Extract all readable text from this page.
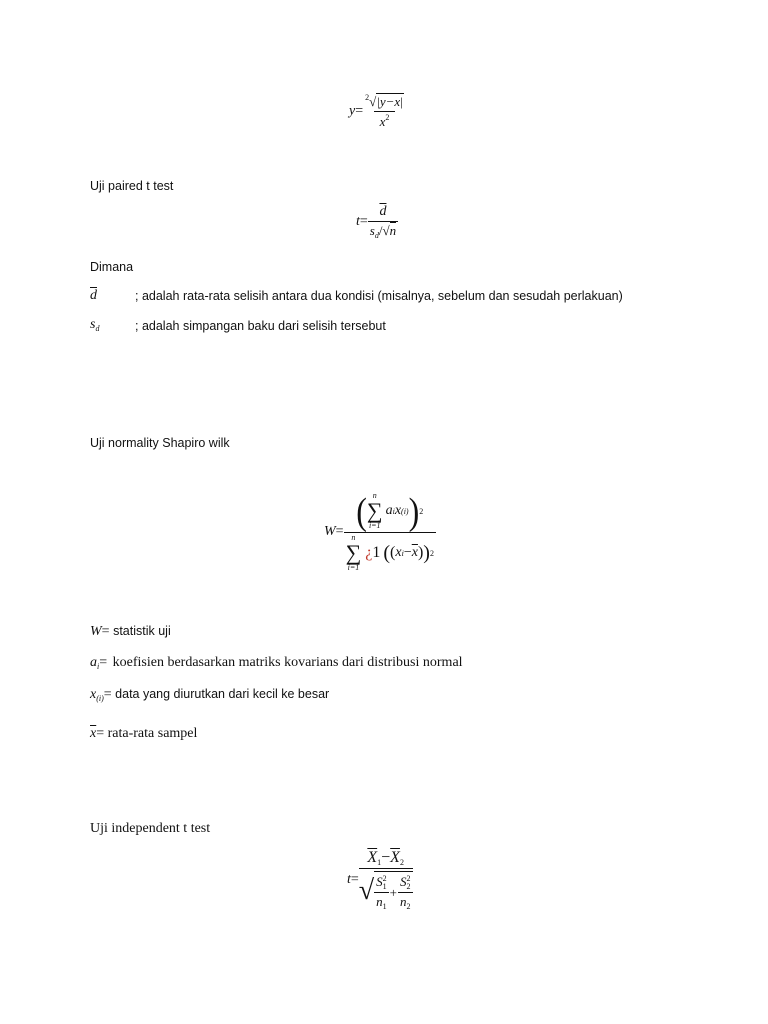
$y= \frac{^2√|y-x|}{x^2}$
Uji paired t test
$t= \frac{\overline{d}}{s_d/√n}$
Dimana
$\overline{d}$	; adalah rata-rata selisih antara dua kondisi (misalnya, sebelum dan sesudah perlakuan)
$s_d$	; adalah simpangan baku dari selisih tersebut
Uji normality Shapiro wilk
W= ( n
∑
i=1
a i x (i) ) 2
n
∑
i=1
¿ 1 ( ( x $i - \overline{x}$ ) ) 2
W= statistik uji
$a_i=$ koefisien berdasarkan matriks kovarians dari distribusi normal
$x_{(i)}=$ data yang diurutkan dari kecil ke besar
$\overline{x}=$ rata-rata sampel
Uji independent t test
t=
$\overline{X}_1-\overline{X}_2$
√ S 2
1
$n_1 + S$ 2
2
$n_2$
